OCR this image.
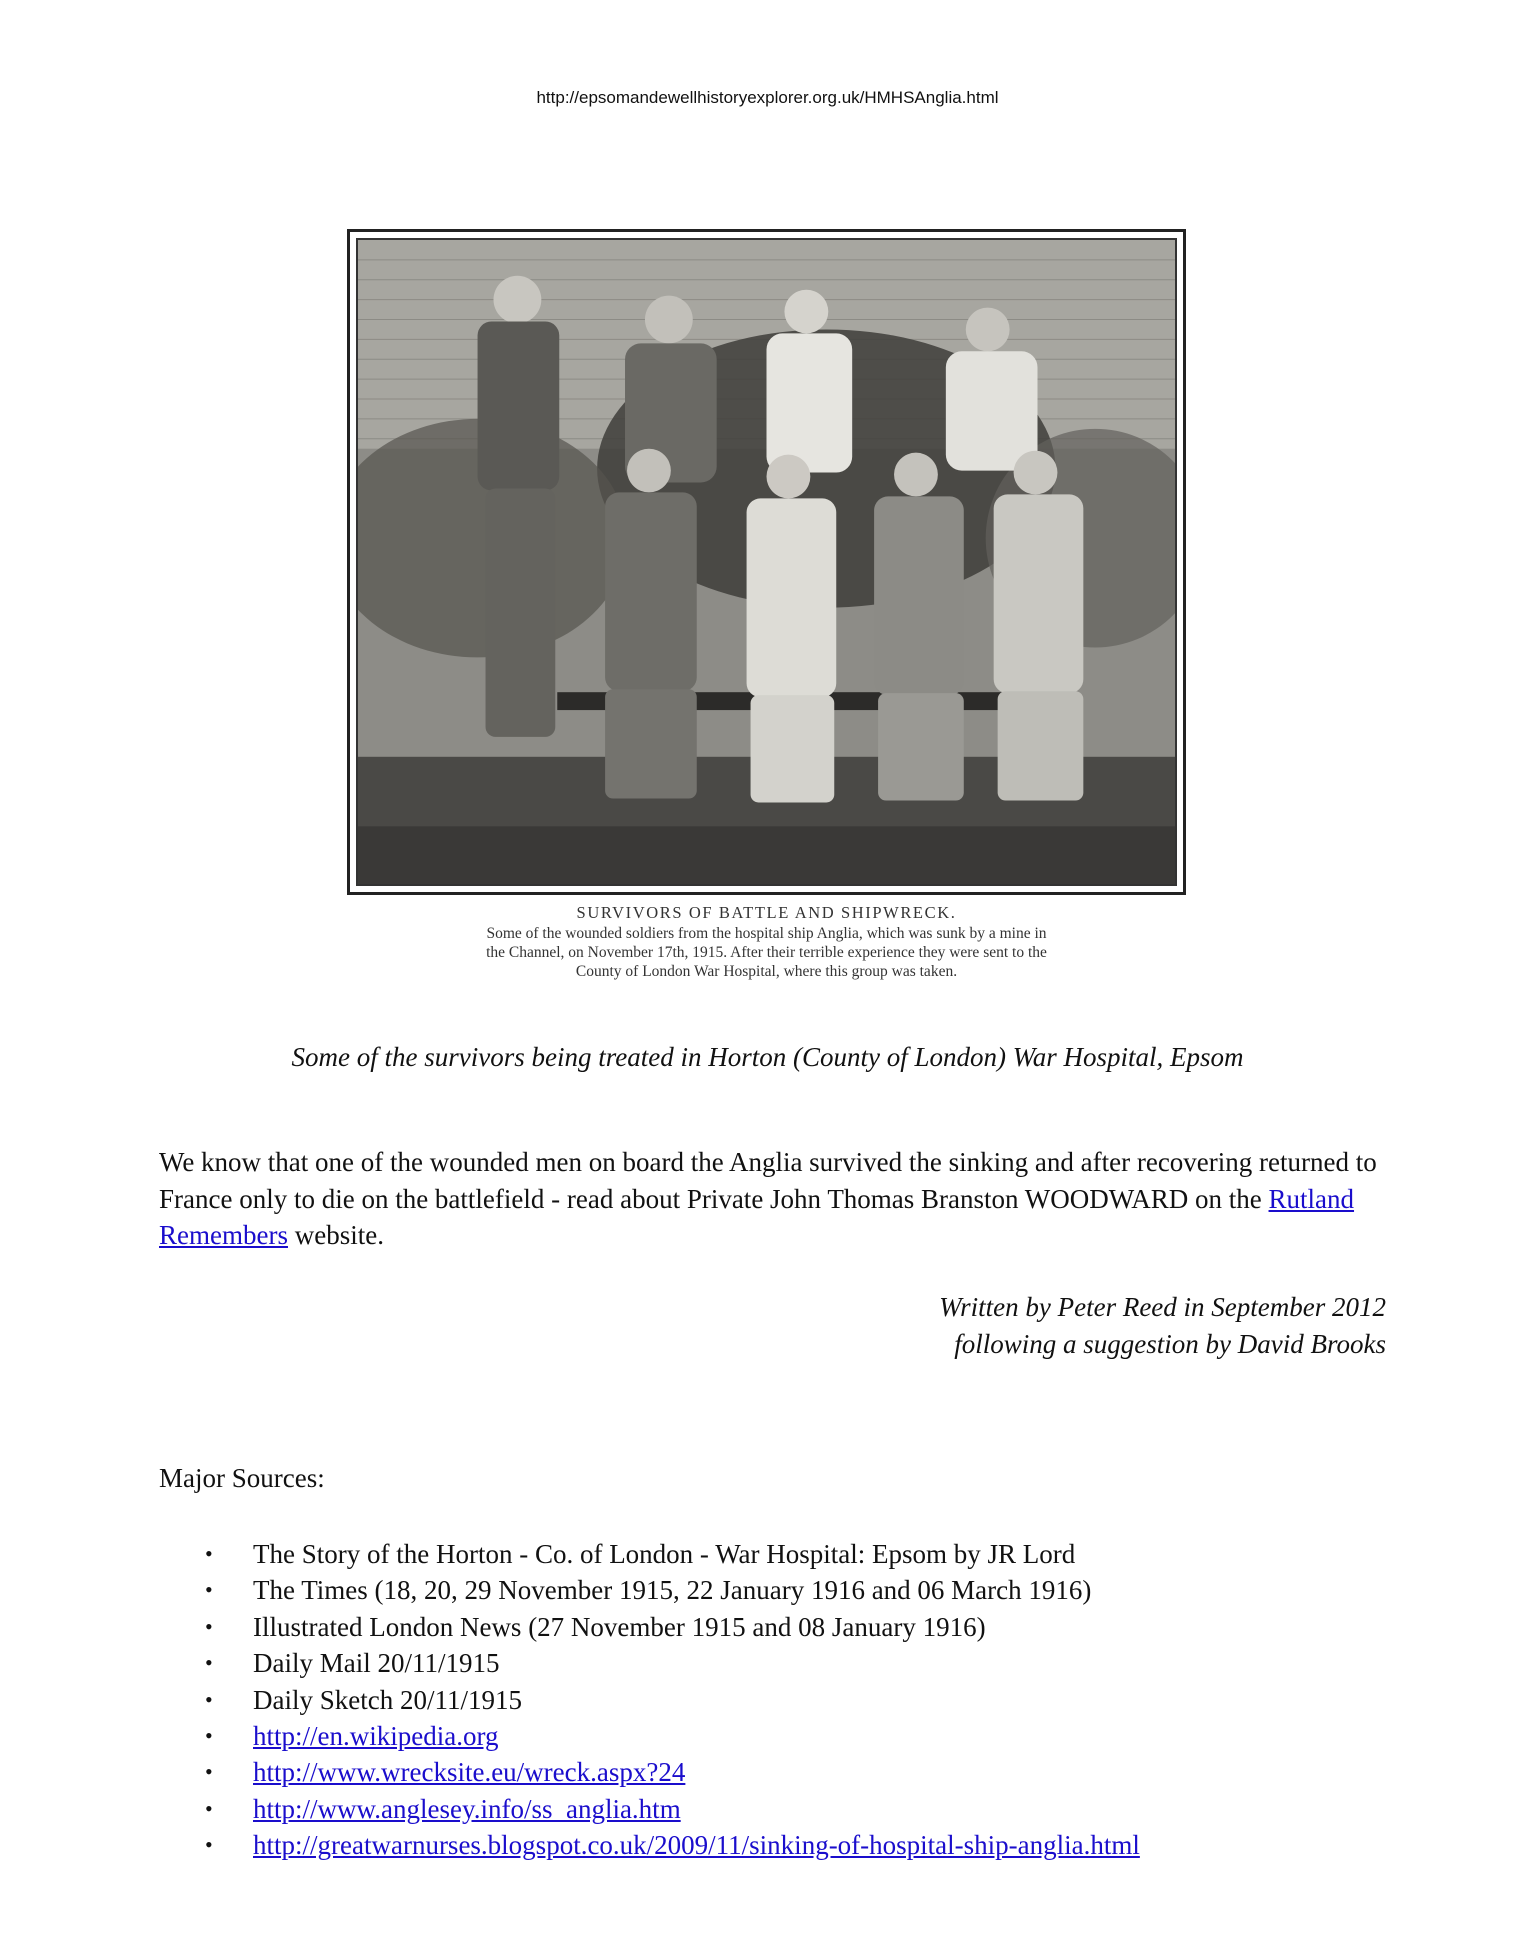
http://epsomandewellhistoryexplorer.org.uk/HMHSAnglia.html

SURVIVORS OF BATTLE AND SHIPWRECK.

Some of the wounded soldiers from the hospital ship Anglia, which was sunk by a mine in
the Channel, on November 17th, 1915. After their terrible experience they were sent to the
County of London War Hospital, where this group was taken.

Some of the survivors being treated in Horton (County of London) War Hospital, Epsom

We know that one of the wounded men on board the Anglia survived the sinking and after recovering returned to France only to die on the battlefield - read about Private John Thomas Branston WOODWARD on the Rutland Remembers website.

Written by Peter Reed in September 2012
following a suggestion by David Brooks
Major Sources:
• The Story of the Horton - Co. of London - War Hospital: Epsom by JR Lord
• The Times (18, 20, 29 November 1915, 22 January 1916 and 06 March 1916)
• Illustrated London News (27 November 1915 and 08 January 1916)
• Daily Mail 20/11/1915
• Daily Sketch 20/11/1915
• http://en.wikipedia.org
• http://www.wrecksite.eu/wreck.aspx?24
• http://www.anglesey.info/ss_anglia.htm
• http://greatwarnurses.blogspot.co.uk/2009/11/sinking-of-hospital-ship-anglia.html
